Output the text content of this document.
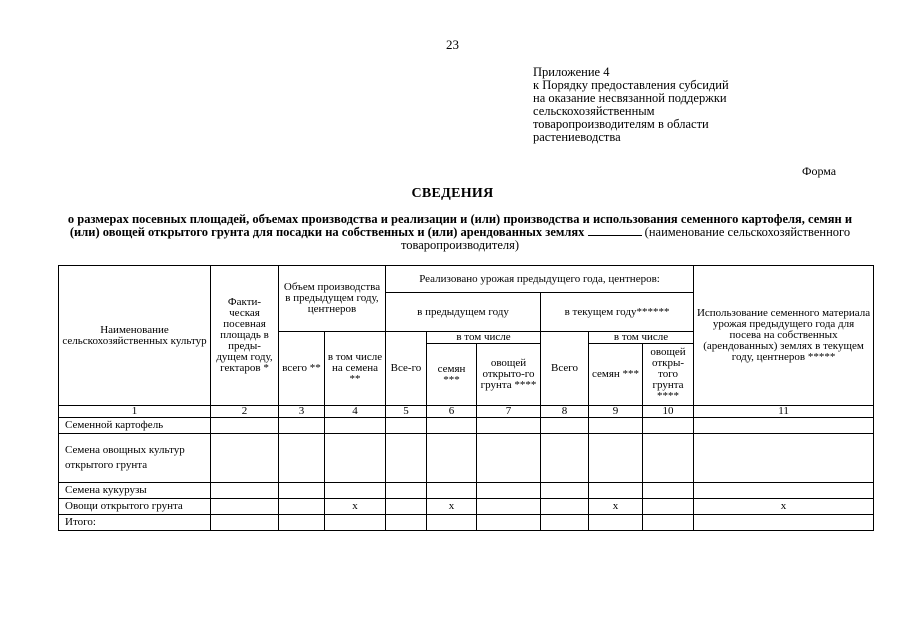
23
Приложение 4
к Порядку предоставления субсидий
на оказание несвязанной поддержки
сельскохозяйственным
товаропроизводителям в области
растениеводства
Форма
СВЕДЕНИЯ
о размерах посевных площадей, объемах производства и реализации и (или) производства и использования семенного картофеля, семян и (или) овощей открытого грунта для посадки на собственных и (или) арендованных землях	(наименование сельскохозяйственного товаропроизводителя)
Наименование сельскохозяйственных культур	Факти-ческая посевная площадь в преды-дущем году, гектаров *	Объем производства в предыдущем году, центнеров		Реализовано урожая предыдущего года, центнеров:						Использование семенного материала урожая предыдущего года для посева на собственных (арендованных) землях в текущем году, центнеров *****
				в предыдущем году			в текущем году******			
		всего **	в том числе на семена **	Все-го	в том числе		Всего	в том числе		
					семян ***	овощей открыто-го грунта ****		семян ***	овощей откры-того грунта ****	
1	2	3	4	5	6	7	8	9	10	11
Семенной картофель										
Семена овощных культур открытого грунта										
Семена кукурузы										
Овощи открытого грунта			x		x			x		x
Итого:										
